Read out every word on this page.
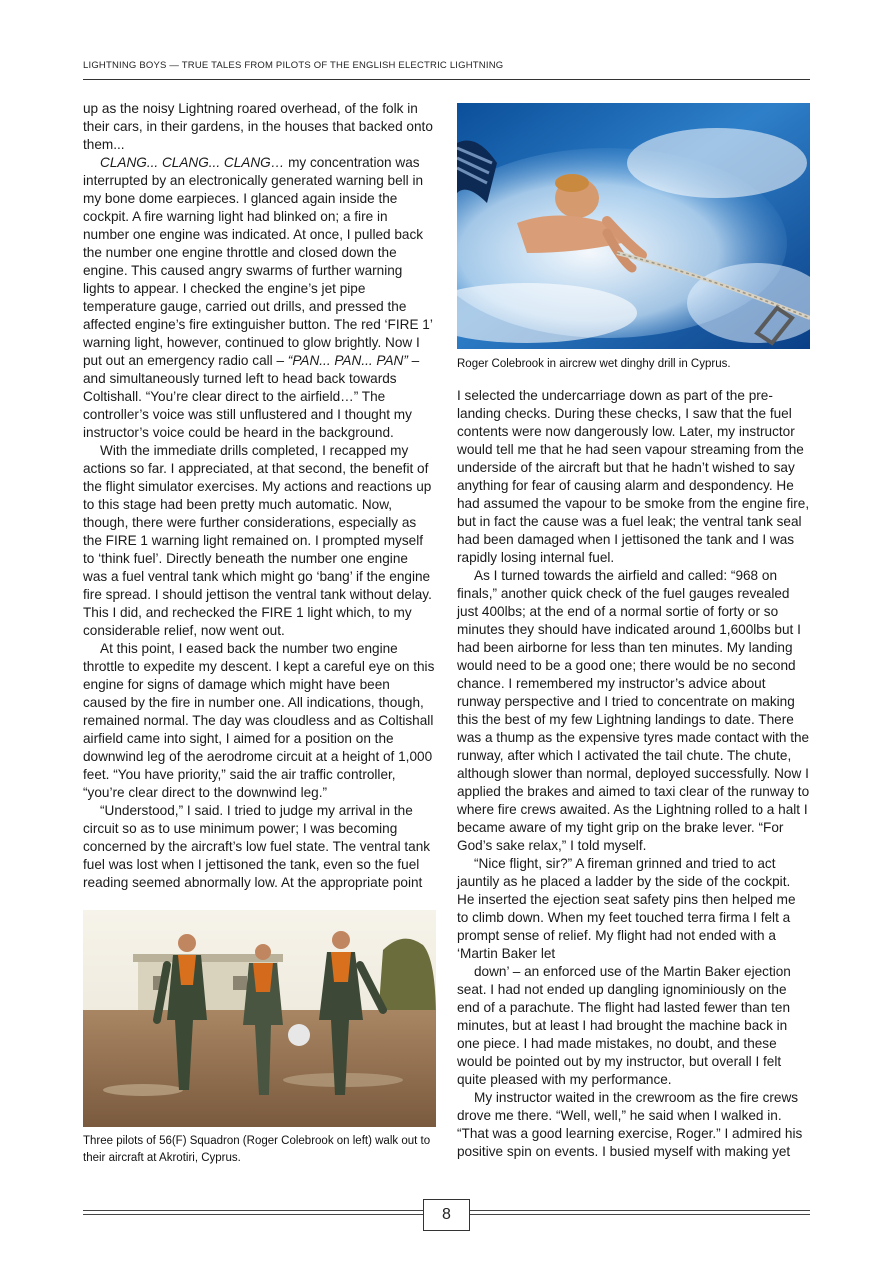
LIGHTNING BOYS — TRUE TALES FROM PILOTS OF THE ENGLISH ELECTRIC LIGHTNING

up as the noisy Lightning roared overhead, of the folk in their cars, in their gardens, in the houses that backed onto them...

CLANG... CLANG... CLANG… my concentration was interrupted by an electronically generated warning bell in my bone dome earpieces. I glanced again inside the cockpit. A fire warning light had blinked on; a fire in number one engine was indicated. At once, I pulled back the number one engine throttle and closed down the engine. This caused angry swarms of further warning lights to appear. I checked the engine’s jet pipe temperature gauge, carried out drills, and pressed the affected engine’s fire extinguisher button. The red ‘FIRE 1’ warning light, however, continued to glow brightly. Now I put out an emergency radio call – “PAN... PAN... PAN” – and simultaneously turned left to head back towards Coltishall. “You’re clear direct to the airfield…” The controller’s voice was still unflustered and I thought my instructor’s voice could be heard in the background.

With the immediate drills completed, I recapped my actions so far. I appreciated, at that second, the benefit of the flight simulator exercises. My actions and reactions up to this stage had been pretty much automatic. Now, though, there were further considerations, especially as the FIRE 1 warning light remained on. I prompted myself to ‘think fuel’. Directly beneath the number one engine was a fuel ventral tank which might go ‘bang’ if the engine fire spread. I should jettison the ventral tank without delay. This I did, and rechecked the FIRE 1 light which, to my considerable relief, now went out.

At this point, I eased back the number two engine throttle to expedite my descent. I kept a careful eye on this engine for signs of damage which might have been caused by the fire in number one. All indications, though, remained normal. The day was cloudless and as Coltishall airfield came into sight, I aimed for a position on the downwind leg of the aerodrome circuit at a height of 1,000 feet. “You have priority,” said the air traffic controller, “you’re clear direct to the downwind leg.”

“Understood,” I said. I tried to judge my arrival in the circuit so as to use minimum power; I was becoming concerned by the aircraft’s low fuel state. The ventral tank fuel was lost when I jettisoned the tank, even so the fuel reading seemed abnormally low. At the appropriate point

Roger Colebrook in aircrew wet dinghy drill in Cyprus.

I selected the undercarriage down as part of the pre-landing checks. During these checks, I saw that the fuel contents were now dangerously low. Later, my instructor would tell me that he had seen vapour streaming from the underside of the aircraft but that he hadn’t wished to say anything for fear of causing alarm and despondency. He had assumed the vapour to be smoke from the engine fire, but in fact the cause was a fuel leak; the ventral tank seal had been damaged when I jettisoned the tank and I was rapidly losing internal fuel.

As I turned towards the airfield and called: “968 on finals,” another quick check of the fuel gauges revealed just 400lbs; at the end of a normal sortie of forty or so minutes they should have indicated around 1,600lbs but I had been airborne for less than ten minutes. My landing would need to be a good one; there would be no second chance. I remembered my instructor’s advice about runway perspective and I tried to concentrate on making this the best of my few Lightning landings to date. There was a thump as the expensive tyres made contact with the runway, after which I activated the tail chute. The chute, although slower than normal, deployed successfully. Now I applied the brakes and aimed to taxi clear of the runway to where fire crews awaited. As the Lightning rolled to a halt I became aware of my tight grip on the brake lever. “For God’s sake relax,” I told myself.

“Nice flight, sir?” A fireman grinned and tried to act jauntily as he placed a ladder by the side of the cockpit. He inserted the ejection seat safety pins then helped me to climb down. When my feet touched terra firma I felt a prompt sense of relief. My flight had not ended with a ‘Martin Baker let

down’ – an enforced use of the Martin Baker ejection seat. I had not ended up dangling ignominiously on the end of a parachute. The flight had lasted fewer than ten minutes, but at least I had brought the machine back in one piece. I had made mistakes, no doubt, and these would be pointed out by my instructor, but overall I felt quite pleased with my performance.

My instructor waited in the crewroom as the fire crews drove me there. “Well, well,” he said when I walked in. “That was a good learning exercise, Roger.” I admired his positive spin on events. I busied myself with making yet

Three pilots of 56(F) Squadron (Roger Colebrook on left) walk out to their aircraft at Akrotiri, Cyprus.
8
